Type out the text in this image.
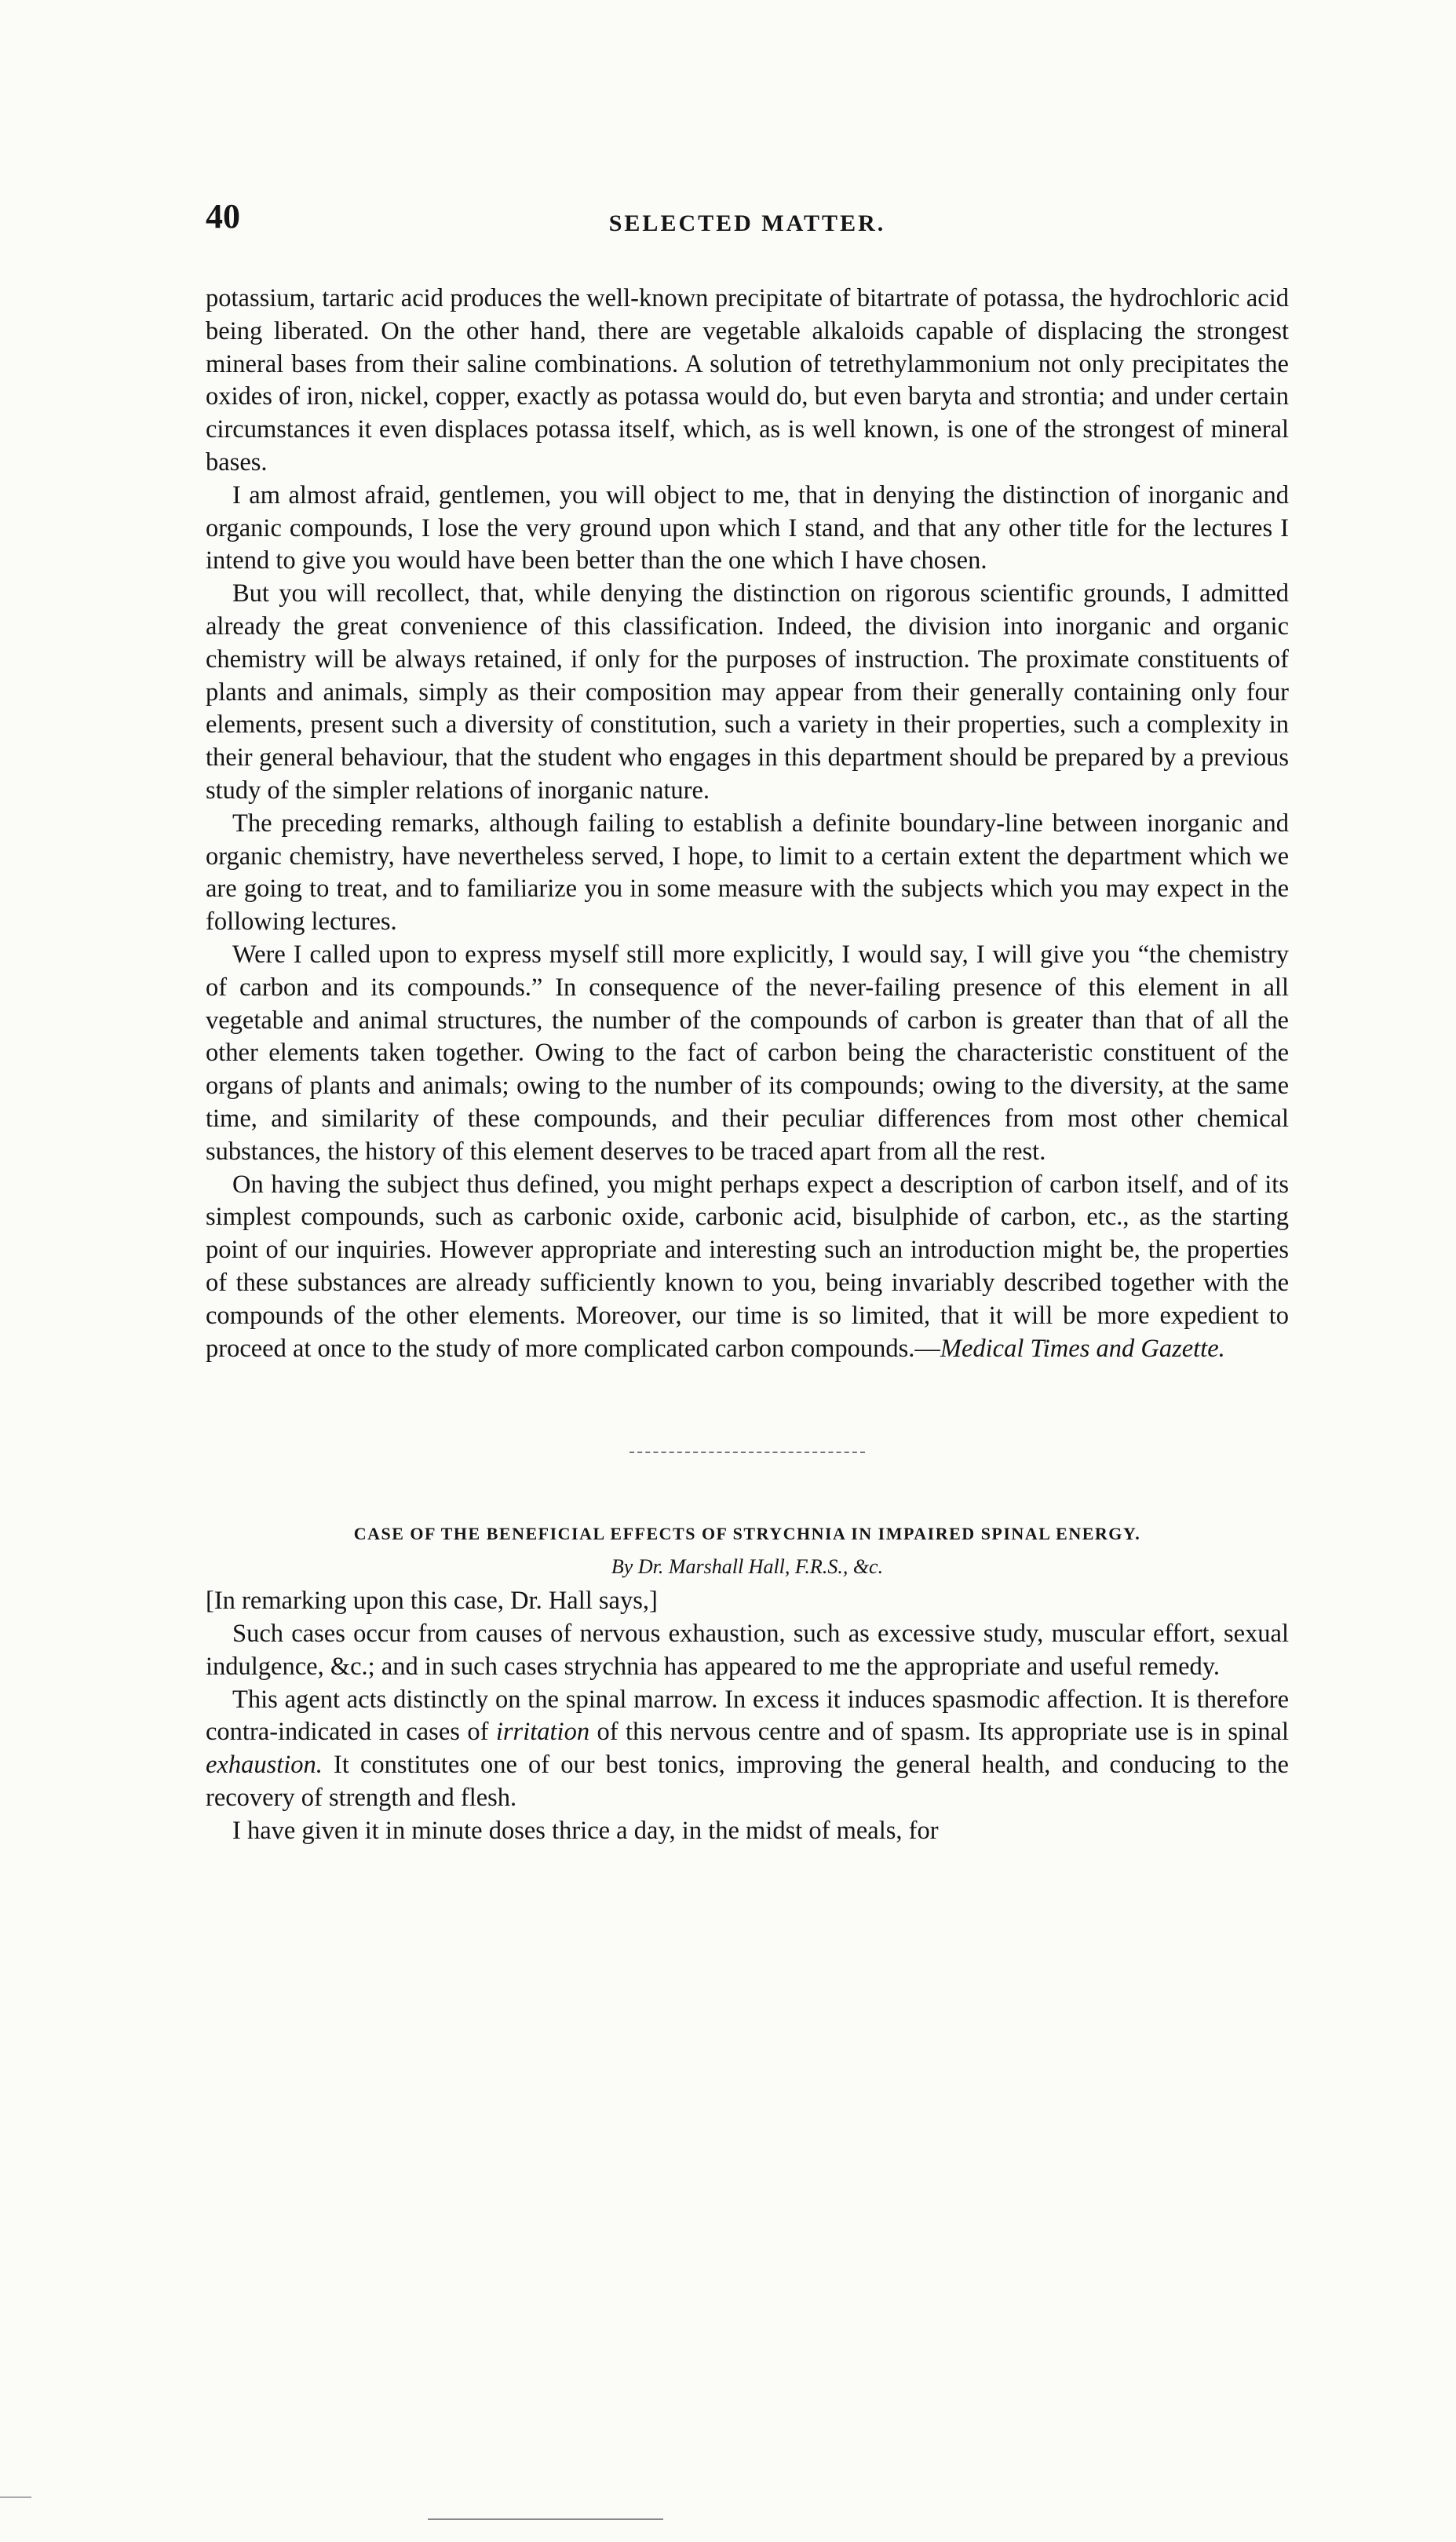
40	SELECTED MATTER.

potassium, tartaric acid produces the well-known precipitate of bitartrate of potassa, the hydrochloric acid being liberated. On the other hand, there are vegetable alkaloids capable of displacing the strongest mineral bases from their saline combinations. A solution of tetrethylammonium not only precipitates the oxides of iron, nickel, copper, exactly as potassa would do, but even baryta and strontia; and under certain circumstances it even displaces potassa itself, which, as is well known, is one of the strongest of mineral bases.

I am almost afraid, gentlemen, you will object to me, that in denying the distinction of inorganic and organic compounds, I lose the very ground upon which I stand, and that any other title for the lectures I intend to give you would have been better than the one which I have chosen.

But you will recollect, that, while denying the distinction on rigorous scientific grounds, I admitted already the great convenience of this classification. Indeed, the division into inorganic and organic chemistry will be always retained, if only for the purposes of instruction. The proximate constituents of plants and animals, simply as their composition may appear from their generally containing only four elements, present such a diversity of constitution, such a variety in their properties, such a complexity in their general behaviour, that the student who engages in this department should be prepared by a previous study of the simpler relations of inorganic nature.

The preceding remarks, although failing to establish a definite boundary-line between inorganic and organic chemistry, have nevertheless served, I hope, to limit to a certain extent the department which we are going to treat, and to familiarize you in some measure with the subjects which you may expect in the following lectures.

Were I called upon to express myself still more explicitly, I would say, I will give you “the chemistry of carbon and its compounds.” In consequence of the never-failing presence of this element in all vegetable and animal structures, the number of the compounds of carbon is greater than that of all the other elements taken together. Owing to the fact of carbon being the characteristic constituent of the organs of plants and animals; owing to the number of its compounds; owing to the diversity, at the same time, and similarity of these compounds, and their peculiar differences from most other chemical substances, the history of this element deserves to be traced apart from all the rest.

On having the subject thus defined, you might perhaps expect a description of carbon itself, and of its simplest compounds, such as carbonic oxide, carbonic acid, bisulphide of carbon, etc., as the starting point of our inquiries. However appropriate and interesting such an introduction might be, the properties of these substances are already sufficiently known to you, being invariably described together with the compounds of the other elements. Moreover, our time is so limited, that it will be more expedient to proceed at once to the study of more complicated carbon compounds.—Medical Times and Gazette.

CASE OF THE BENEFICIAL EFFECTS OF STRYCHNIA IN IMPAIRED SPINAL ENERGY.

By Dr. Marshall Hall, F.R.S., &c.

[In remarking upon this case, Dr. Hall says,]

Such cases occur from causes of nervous exhaustion, such as excessive study, muscular effort, sexual indulgence, &c.; and in such cases strychnia has appeared to me the appropriate and useful remedy.

This agent acts distinctly on the spinal marrow. In excess it induces spasmodic affection. It is therefore contra-indicated in cases of irritation of this nervous centre and of spasm. Its appropriate use is in spinal exhaustion. It constitutes one of our best tonics, improving the general health, and conducing to the recovery of strength and flesh.

I have given it in minute doses thrice a day, in the midst of meals, for
